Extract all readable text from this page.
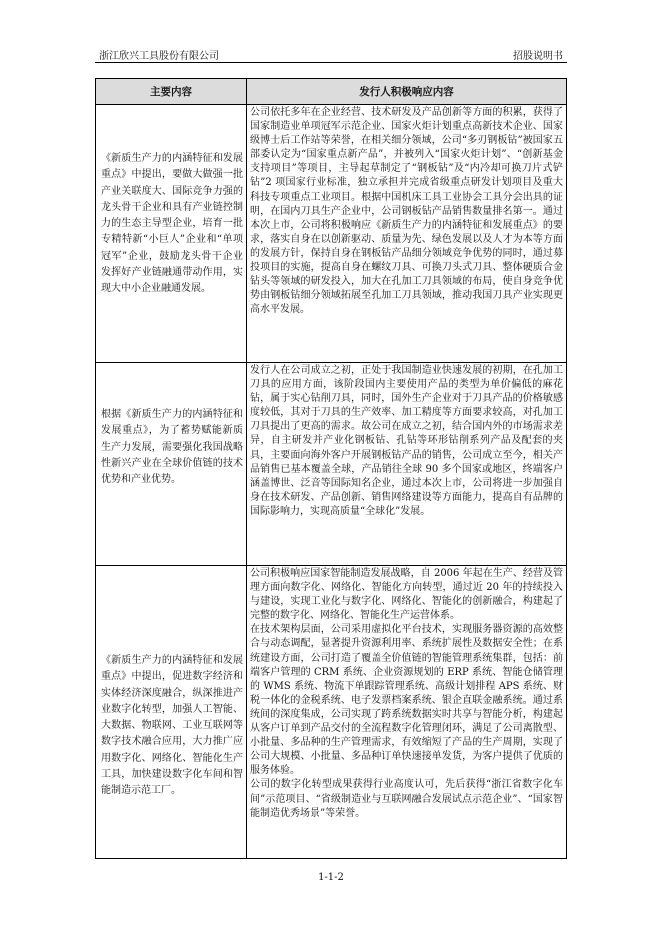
浙江欣兴工具股份有限公司	招股说明书
主要内容	发行人积极响应内容
《新质生产力的内涵特征和发展重点》中提出，要做大做强一批产业关联度大、国际竞争力强的龙头骨干企业和具有产业链控制力的生态主导型企业，培育一批专精特新“小巨人”企业和“单项冠军”企业，鼓励龙头骨干企业发挥好产业链融通带动作用，实现大中小企业融通发展。

公司依托多年在企业经营、技术研发及产品创新等方面的积累，获得了国家制造业单项冠军示范企业、国家火炬计划重点高新技术企业、国家级博士后工作站等荣誉，在相关细分领域，公司“多刃钢板钻”被国家五部委认定为“国家重点新产品”，并被列入“国家火炬计划”、“创新基金支持项目”等项目，主导起草制定了“钢板钻”及“内冷却可换刀片式铲钻”2 项国家行业标准，独立承担并完成省级重点研发计划项目及重大科技专项重点工业项目。根据中国机床工具工业协会工具分会出具的证明，在国内刀具生产企业中，公司钢板钻产品销售数量排名第一。通过本次上市，公司将积极响应《新质生产力的内涵特征和发展重点》的要求，落实自身在以创新驱动、质量为先、绿色发展以及人才为本等方面的发展方针，保持自身在钢板钻产品细分领域竞争优势的同时，通过募投项目的实施，提高自身在螺纹刀具、可换刀头式刀具、整体硬质合金钻头等领域的研发投入，加大在孔加工刀具领域的布局，使自身竞争优势由钢板钻细分领域拓展至孔加工刀具领域，推动我国刀具产业实现更高水平发展。

根据《新质生产力的内涵特征和发展重点》，为了蓄势赋能新质生产力发展，需要强化我国战略性新兴产业在全球价值链的技术优势和产业优势。

发行人在公司成立之初，正处于我国制造业快速发展的初期，在孔加工刀具的应用方面，该阶段国内主要使用产品的类型为单价偏低的麻花钻，属于实心钻削刀具，同时，国外生产企业对于刀具产品的价格敏感度较低，其对于刀具的生产效率、加工精度等方面要求较高，对孔加工刀具提出了更高的需求。故公司在成立之初，结合国内外的市场需求差异，自主研发并产业化钢板钻、孔钻等环形钻削系列产品及配套的夹具，主要面向海外客户开展钢板钻产品的销售，公司成立至今，相关产品销售已基本覆盖全球，产品销往全球 90 多个国家或地区，终端客户涵盖博世、泛音等国际知名企业，通过本次上市，公司将进一步加强自身在技术研发、产品创新、销售网络建设等方面能力，提高自有品牌的国际影响力，实现高质量“全球化”发展。

《新质生产力的内涵特征和发展重点》中提出，促进数字经济和实体经济深度融合，纵深推进产业数字化转型，加强人工智能、大数据、物联网、工业互联网等数字技术融合应用，大力推广应用数字化、网络化、智能化生产工具，加快建设数字化车间和智能制造示范工厂。

公司积极响应国家智能制造发展战略，自 2006 年起在生产、经营及管理方面向数字化、网络化、智能化方向转型，通过近 20 年的持续投入与建设，实现工业化与数字化、网络化、智能化的创新融合，构建起了完整的数字化、网络化、智能化生产运营体系。

在技术架构层面，公司采用虚拟化平台技术，实现服务器资源的高效整合与动态调配，显著提升资源利用率、系统扩展性及数据安全性；在系统建设方面，公司打造了覆盖全价值链的智能管理系统集群，包括：前端客户管理的 CRM 系统、企业资源规划的 ERP 系统、智能仓储管理的 WMS 系统、物流下单跟踪管理系统、高级计划排程 APS 系统、财税一体化的金税系统、电子发票档案系统、银企直联金融系统。通过系统间的深度集成，公司实现了跨系统数据实时共享与智能分析，构建起从客户订单到产品交付的全流程数字化管理闭环，满足了公司离散型、小批量、多品种的生产管理需求，有效缩短了产品的生产周期，实现了公司大规模、小批量、多品种订单快速接单发货，为客户提供了优质的服务体验。

公司的数字化转型成果获得行业高度认可，先后获得“浙江省数字化车间”示范项目、“省级制造业与互联网融合发展试点示范企业”、“国家智能制造优秀场景”等荣誉。

1-1-2
